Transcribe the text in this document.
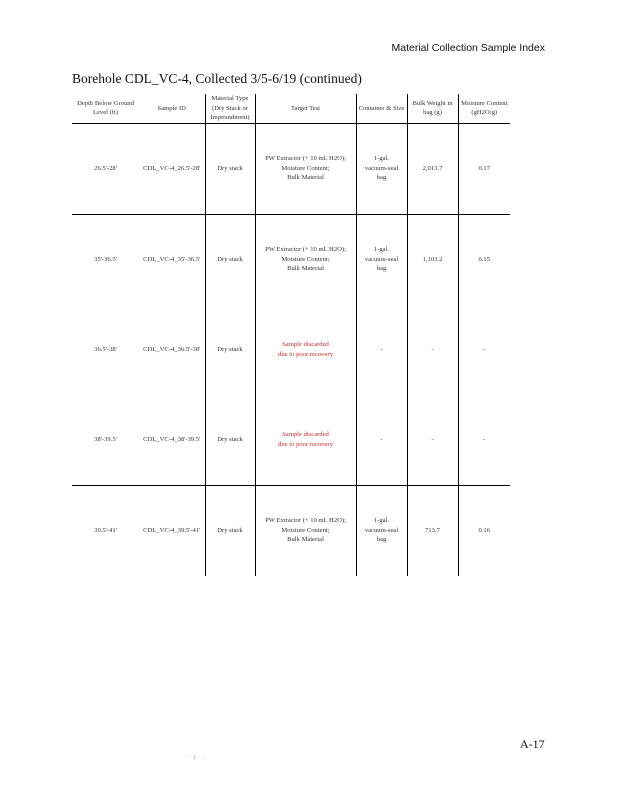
Material Collection Sample Index
Borehole CDL_VC-4, Collected 3/5-6/19 (continued)
Depth Below Ground Level (ft)	Sample ID	Material Type (Dry Stack or Impoundment)	Target Test	Container & Size	Bulk Weight in bag (g)	Moisture Content (gH2O/g)
26.5'-28'	CDL_VC-4_26.5'-28'	Dry stack	PW Extractor (+ 10 mL H2O);
Moisture Content;
Bulk Material	1-gal.
vacuum-seal
bag	2,013.7	0.17
35'-36.5'	CDL_VC-4_35'-36.5'	Dry stack	PW Extractor (+ 10 mL H2O);
Moisture Content;
Bulk Material	1-gal.
vacuum-seal
bag	1,103.2	0.15
36.5'-38'	CDL_VC-4_36.5'-38'	Dry stack	Sample discarded
due to poor recovery	-	-	-
38'-39.5'	CDL_VC-4_38'-39.5'	Dry stack	Sample discarded
due to poor recovery	-	-	-
39.5'-41'	CDL_VC-4_39.5'-41'	Dry stack	PW Extractor (+ 10 mL H2O);
Moisture Content;
Bulk Material	1-gal.
vacuum-seal
bag	713.7	0.16
A-17
' ï .
